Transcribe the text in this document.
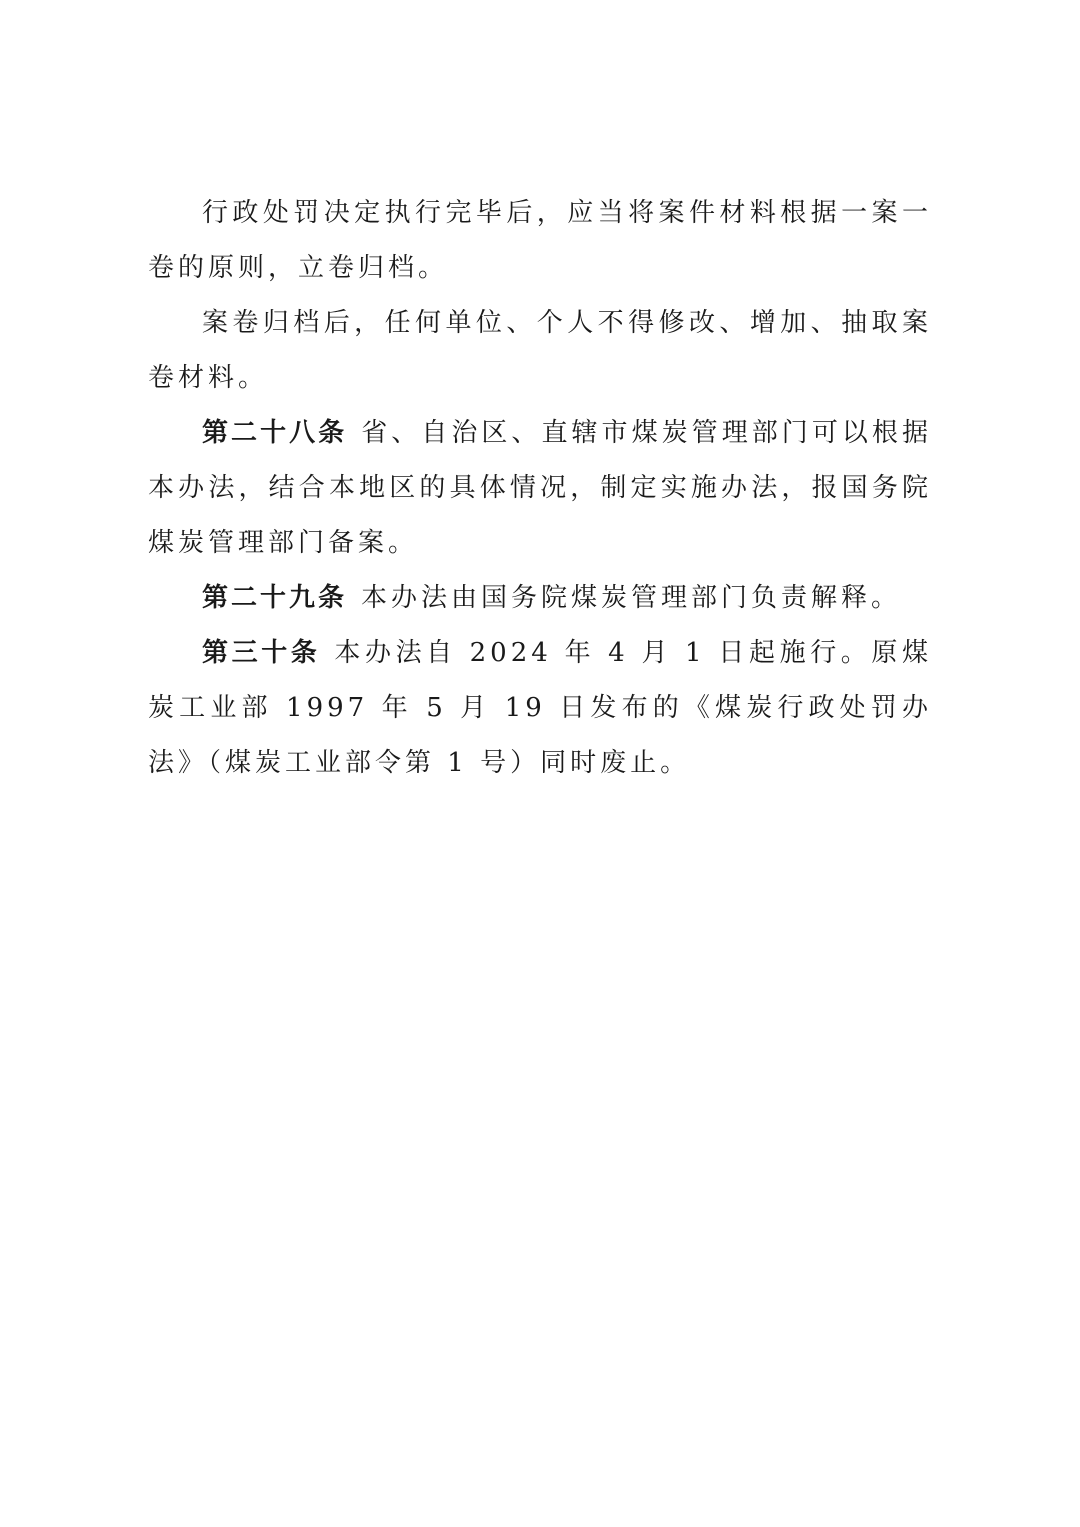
行政处罚决定执行完毕后，应当将案件材料根据一案一卷的原则，立卷归档。

案卷归档后，任何单位、个人不得修改、增加、抽取案卷材料。

第二十八条 省、自治区、直辖市煤炭管理部门可以根据本办法，结合本地区的具体情况，制定实施办法，报国务院煤炭管理部门备案。

第二十九条 本办法由国务院煤炭管理部门负责解释。

第三十条 本办法自 2024 年 4 月 1 日起施行。原煤炭工业部 1997 年 5 月 19 日发布的《煤炭行政处罚办法》（煤炭工业部令第 1 号）同时废止。
